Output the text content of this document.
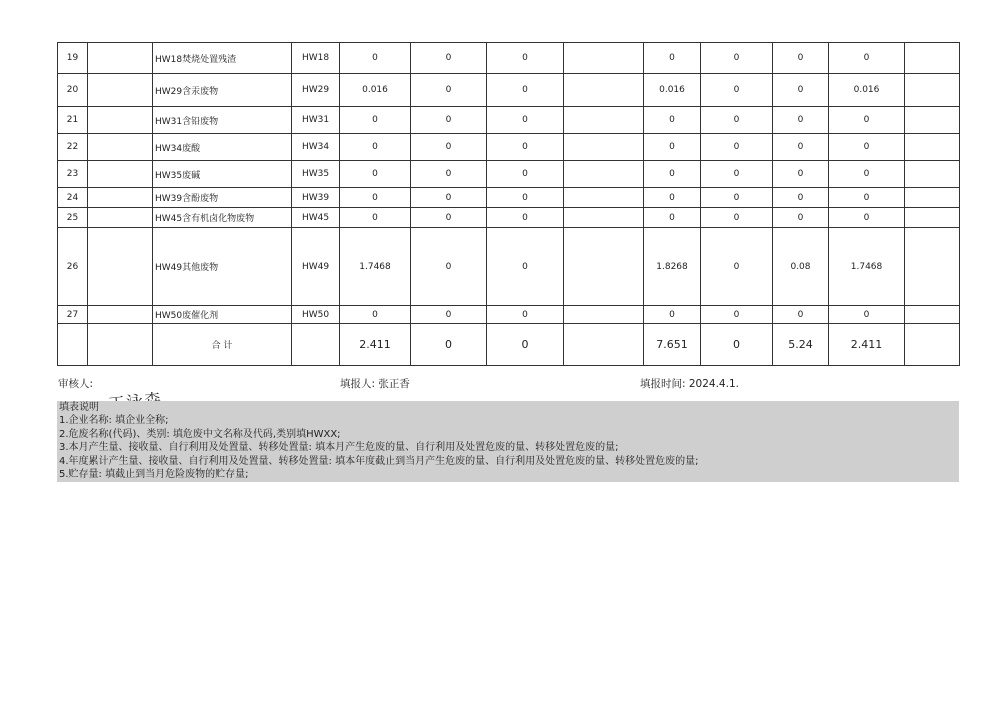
19		HW18焚烧处置残渣	HW18	0	0	0		0	0	0	0	
20		HW29含汞废物	HW29	0.016	0	0		0.016	0	0	0.016	
21		HW31含铅废物	HW31	0	0	0		0	0	0	0	
22		HW34废酸	HW34	0	0	0		0	0	0	0	
23		HW35废碱	HW35	0	0	0		0	0	0	0	
24		HW39含酚废物	HW39	0	0	0		0	0	0	0	
25		HW45含有机卤化物废物	HW45	0	0	0		0	0	0	0	
26		HW49其他废物	HW49	1.7468	0	0		1.8268	0	0.08	1.7468	
27		HW50废催化剂	HW50	0	0	0		0	0	0	0	
		合 计		2.411	0	0		7.651	0	5.24	2.411	
审核人:	填报人: 张正香	填报时间: 2024.4.1.
填表说明
1.企业名称: 填企业全称;
2.危废名称(代码)、类别: 填危废中文名称及代码,类别填HWXX;
3.本月产生量、接收量、自行利用及处置量、转移处置量: 填本月产生危废的量、自行利用及处置危废的量、转移处置危废的量;
4.年度累计产生量、接收量、自行利用及处置量、转移处置量: 填本年度截止到当月产生危废的量、自行利用及处置危废的量、转移处置危废的量;
5.贮存量: 填截止到当月危险废物的贮存量;
